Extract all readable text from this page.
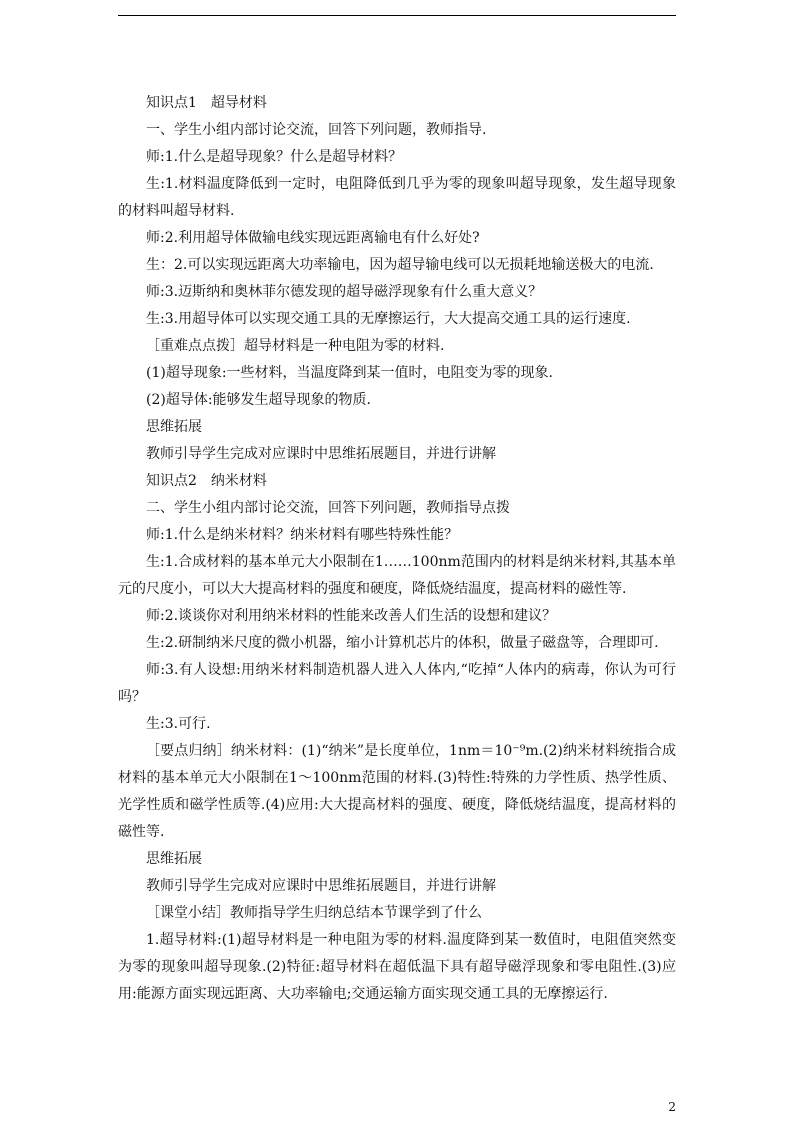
知识点1　超导材料

一、学生小组内部讨论交流，回答下列问题，教师指导.

师:1.什么是超导现象？什么是超导材料？

生:1.材料温度降低到一定时，电阻降低到几乎为零的现象叫超导现象，发生超导现象的材料叫超导材料.

师:2.利用超导体做输电线实现远距离输电有什么好处?

生：2.可以实现远距离大功率输电，因为超导输电线可以无损耗地输送极大的电流.

师:3.迈斯纳和奥林菲尔德发现的超导磁浮现象有什么重大意义？

生:3.用超导体可以实现交通工具的无摩擦运行，大大提高交通工具的运行速度.

［重难点点拨］超导材料是一种电阻为零的材料.

(1)超导现象:一些材料，当温度降到某一值时，电阻变为零的现象.

(2)超导体:能够发生超导现象的物质.

思维拓展

教师引导学生完成对应课时中思维拓展题目，并进行讲解

知识点2　纳米材料

二、学生小组内部讨论交流，回答下列问题，教师指导点拨

师:1.什么是纳米材料？纳米材料有哪些特殊性能？

生:1.合成材料的基本单元大小限制在1……100nm范围内的材料是纳米材料,其基本单元的尺度小，可以大大提高材料的强度和硬度，降低烧结温度，提高材料的磁性等.

师:2.谈谈你对利用纳米材料的性能来改善人们生活的设想和建议？

生:2.研制纳米尺度的微小机器，缩小计算机芯片的体积，做量子磁盘等，合理即可.

师:3.有人设想:用纳米材料制造机器人进入人体内,“吃掉“人体内的病毒，你认为可行吗？

生:3.可行.

［要点归纳］纳米材料：(1)“纳米”是长度单位，1nm＝10⁻⁹m.(2)纳米材料统指合成材料的基本单元大小限制在1～100nm范围的材料.(3)特性:特殊的力学性质、热学性质、光学性质和磁学性质等.(4)应用:大大提高材料的强度、硬度，降低烧结温度，提高材料的磁性等.

思维拓展

教师引导学生完成对应课时中思维拓展题目，并进行讲解

［课堂小结］教师指导学生归纳总结本节课学到了什么

1.超导材料:(1)超导材料是一种电阻为零的材料.温度降到某一数值时，电阻值突然变为零的现象叫超导现象.(2)特征:超导材料在超低温下具有超导磁浮现象和零电阻性.(3)应用:能源方面实现远距离、大功率输电;交通运输方面实现交通工具的无摩擦运行.

2
